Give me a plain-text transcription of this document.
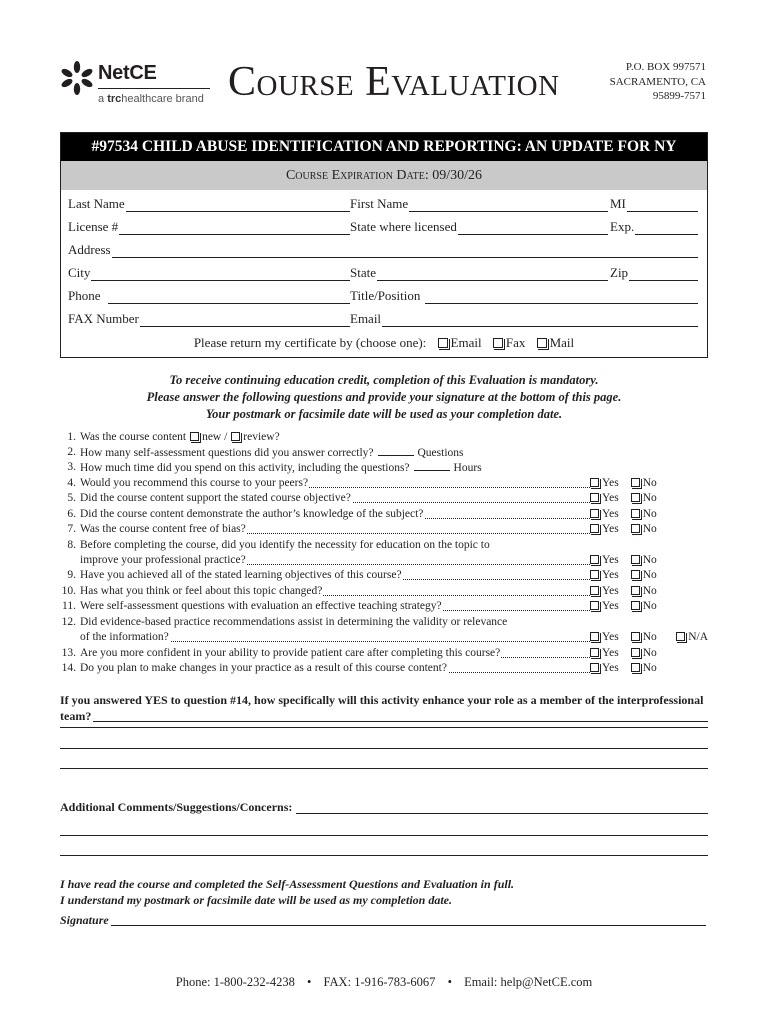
NetCE
a trchealthcare brand Course Evaluation	P.O. BOX 997571
SACRAMENTO, CA
95899-7571
#97534 CHILD ABUSE IDENTIFICATION AND REPORTING: AN UPDATE FOR NY
Course Expiration Date: 09/30/26
Last Name	First Name	MI
License #	State where licensed	Exp.
Address
City	State	Zip
Phone	Title/Position
FAX Number	Email
Please return my certificate by (choose one): Email Fax Mail
To receive continuing education credit, completion of this Evaluation is mandatory.
Please answer the following questions and provide your signature at the bottom of this page.
Your postmark or facsimile date will be used as your completion date.
1. Was the course content new / review?
2. How many self-assessment questions did you answer correctly?	Questions
3. How much time did you spend on this activity, including the questions?	Hours
4. Would you recommend this course to your peers?	Yes No
5. Did the course content support the stated course objective?	Yes No
6. Did the course content demonstrate the author’s knowledge of the subject?	Yes No
7. Was the course content free of bias?	Yes No
8. Before completing the course, did you identify the necessity for education on the topic to
improve your professional practice?	Yes No
9. Have you achieved all of the stated learning objectives of this course?	Yes No
10. Has what you think or feel about this topic changed?	Yes No
11. Were self-assessment questions with evaluation an effective teaching strategy?	Yes No
12. Did evidence-based practice recommendations assist in determining the validity or relevance
of the information?	Yes No	N/A
13. Are you more confident in your ability to provide patient care after completing this course?	Yes No
14. Do you plan to make changes in your practice as a result of this course content?	Yes No
If you answered YES to question #14, how specifically will this activity enhance your role as a member of the interprofessional
team?
Additional Comments/Suggestions/Concerns:
I have read the course and completed the Self-Assessment Questions and Evaluation in full.
I understand my postmark or facsimile date will be used as my completion date.
Signature
Phone: 1-800-232-4238 • FAX: 1-916-783-6067 • Email: help@NetCE.com
